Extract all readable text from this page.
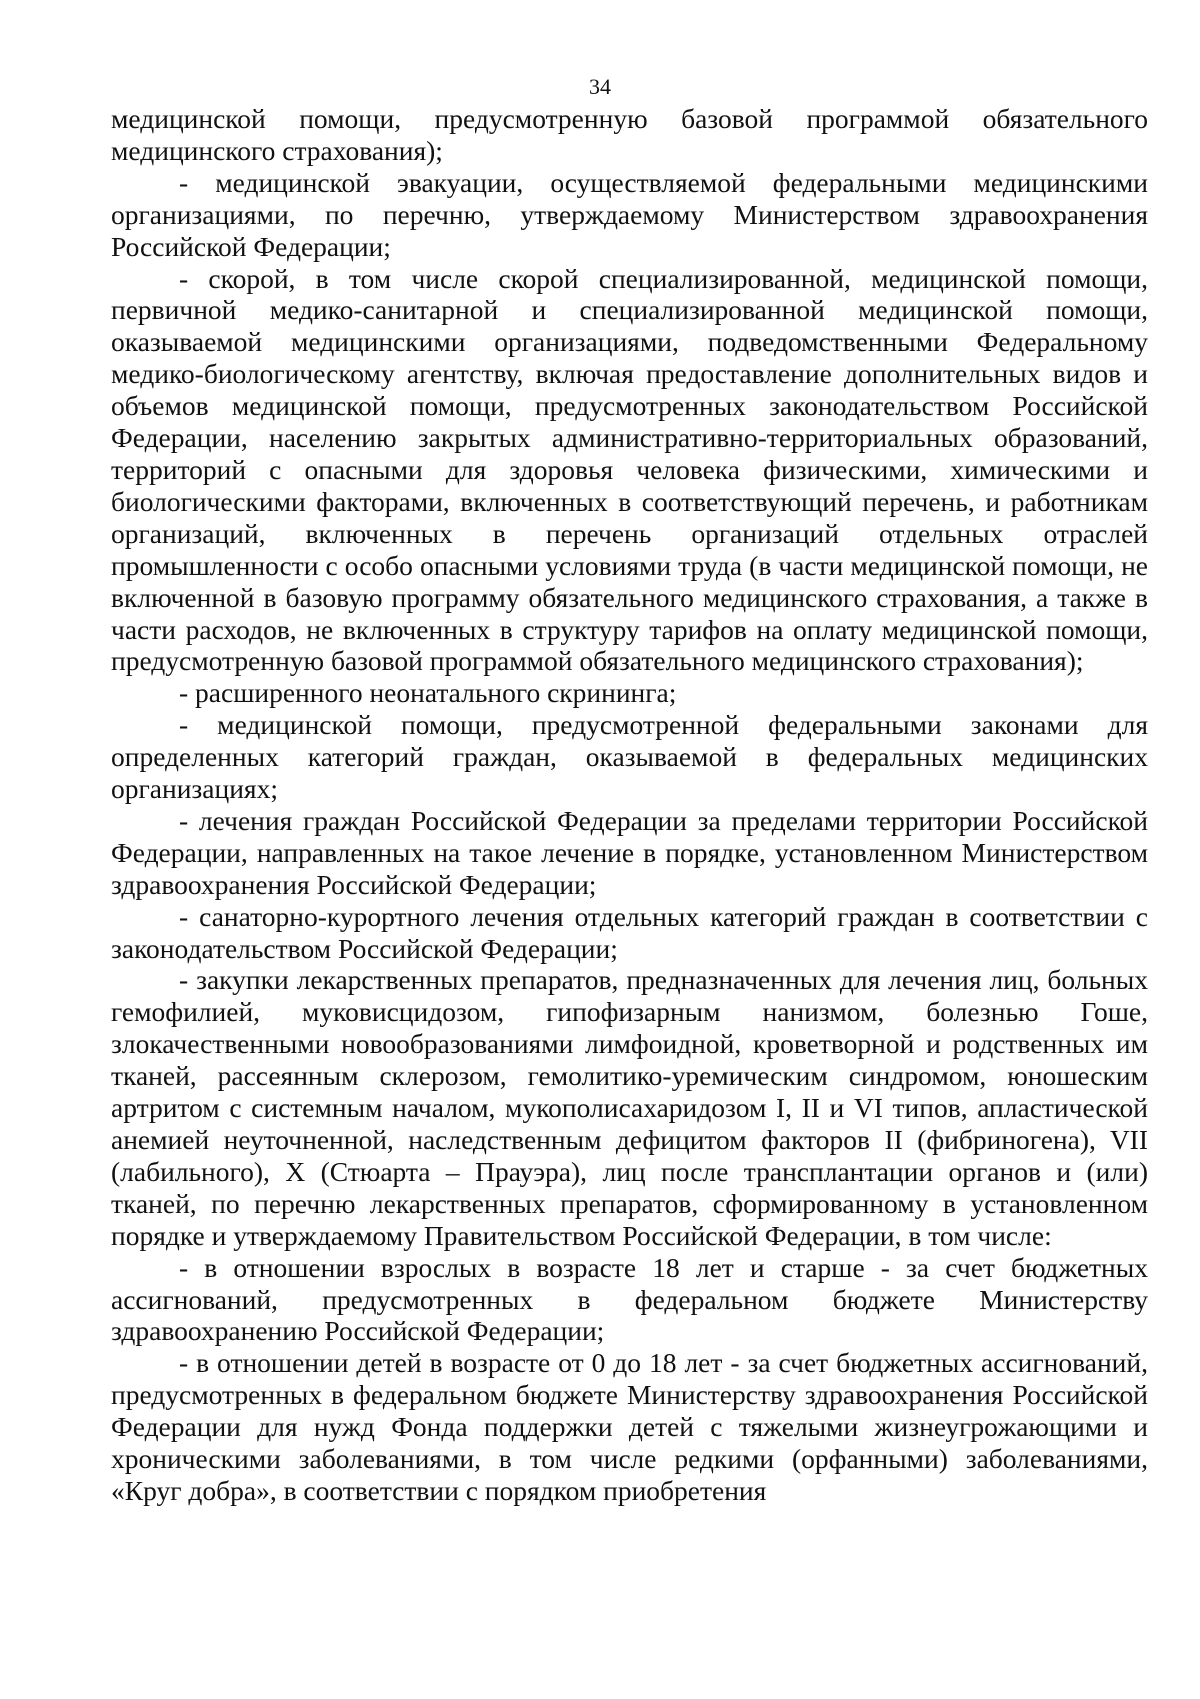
34

медицинской помощи, предусмотренную базовой программой обязательного медицинского страхования);

- медицинской эвакуации, осуществляемой федеральными медицинскими организациями, по перечню, утверждаемому Министерством здравоохранения Российской Федерации;

- скорой, в том числе скорой специализированной, медицинской помощи, первичной медико-санитарной и специализированной медицинской помощи, оказываемой медицинскими организациями, подведомственными Федеральному медико-биологическому агентству, включая предоставление дополнительных видов и объемов медицинской помощи, предусмотренных законодательством Российской Федерации, населению закрытых административно-территориальных образований, территорий с опасными для здоровья человека физическими, химическими и биологическими факторами, включенных в соответствующий перечень, и работникам организаций, включенных в перечень организаций отдельных отраслей промышленности с особо опасными условиями труда (в части медицинской помощи, не включенной в базовую программу обязательного медицинского страхования, а также в части расходов, не включенных в структуру тарифов на оплату медицинской помощи, предусмотренную базовой программой обязательного медицинского страхования);

- расширенного неонатального скрининга;

- медицинской помощи, предусмотренной федеральными законами для определенных категорий граждан, оказываемой в федеральных медицинских организациях;

- лечения граждан Российской Федерации за пределами территории Российской Федерации, направленных на такое лечение в порядке, установленном Министерством здравоохранения Российской Федерации;

- санаторно-курортного лечения отдельных категорий граждан в соответствии с законодательством Российской Федерации;

- закупки лекарственных препаратов, предназначенных для лечения лиц, больных гемофилией, муковисцидозом, гипофизарным нанизмом, болезнью Гоше, злокачественными новообразованиями лимфоидной, кроветворной и родственных им тканей, рассеянным склерозом, гемолитико-уремическим синдромом, юношеским артритом с системным началом, мукополисахаридозом I, II и VI типов, апластической анемией неуточненной, наследственным дефицитом факторов II (фибриногена), VII (лабильного), X (Стюарта – Прауэра), лиц после трансплантации органов и (или) тканей, по перечню лекарственных препаратов, сформированному в установленном порядке и утверждаемому Правительством Российской Федерации, в том числе:

- в отношении взрослых в возрасте 18 лет и старше - за счет бюджетных ассигнований, предусмотренных в федеральном бюджете Министерству здравоохранению Российской Федерации;

- в отношении детей в возрасте от 0 до 18 лет - за счет бюджетных ассигнований, предусмотренных в федеральном бюджете Министерству здравоохранения Российской Федерации для нужд Фонда поддержки детей с тяжелыми жизнеугрожающими и хроническими заболеваниями, в том числе редкими (орфанными) заболеваниями, «Круг добра», в соответствии с порядком приобретения
